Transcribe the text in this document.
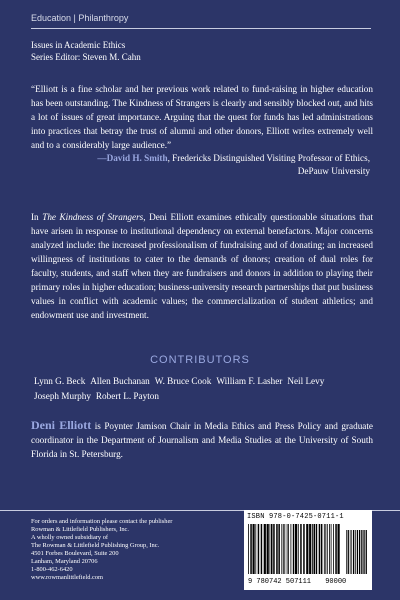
Education | Philanthropy
Issues in Academic Ethics
Series Editor: Steven M. Cahn

“Elliott is a fine scholar and her previous work related to fund-raising in higher education has been outstanding. The Kindness of Strangers is clearly and sensibly blocked out, and hits a lot of issues of great importance. Arguing that the quest for funds has led administrations into practices that betray the trust of alumni and other donors, Elliott writes extremely well and to a considerably large audience.”

—David H. Smith, Fredericks Distinguished Visiting Professor of Ethics,
DePauw University

In The Kindness of Strangers, Deni Elliott examines ethically questionable situations that have arisen in response to institutional dependency on external benefactors. Major concerns analyzed include: the increased professionalism of fundraising and of donating; an increased willingness of institutions to cater to the demands of donors; creation of dual roles for faculty, students, and staff when they are fundraisers and donors in addition to playing their primary roles in higher education; business-university research partnerships that put business values in conflict with academic values; the commercialization of student athletics; and endowment use and investment.

CONTRIBUTORS
Lynn G. Beck Allen Buchanan W. Bruce Cook William F. Lasher Neil Levy
Joseph Murphy Robert L. Payton

Deni Elliott is Poynter Jamison Chair in Media Ethics and Press Policy and graduate coordinator in the Department of Journalism and Media Studies at the University of South Florida in St. Petersburg.

For orders and information please contact the publisher
Rowman & Littlefield Publishers, Inc.
A wholly owned subsidiary of
The Rowman & Littlefield Publishing Group, Inc.
4501 Forbes Boulevard, Suite 200
Lanham, Maryland 20706
1-800-462-6420
www.rowmanlittlefield.com
ISBN 978-0-7425-0711-1
9 780742 507111 90000
